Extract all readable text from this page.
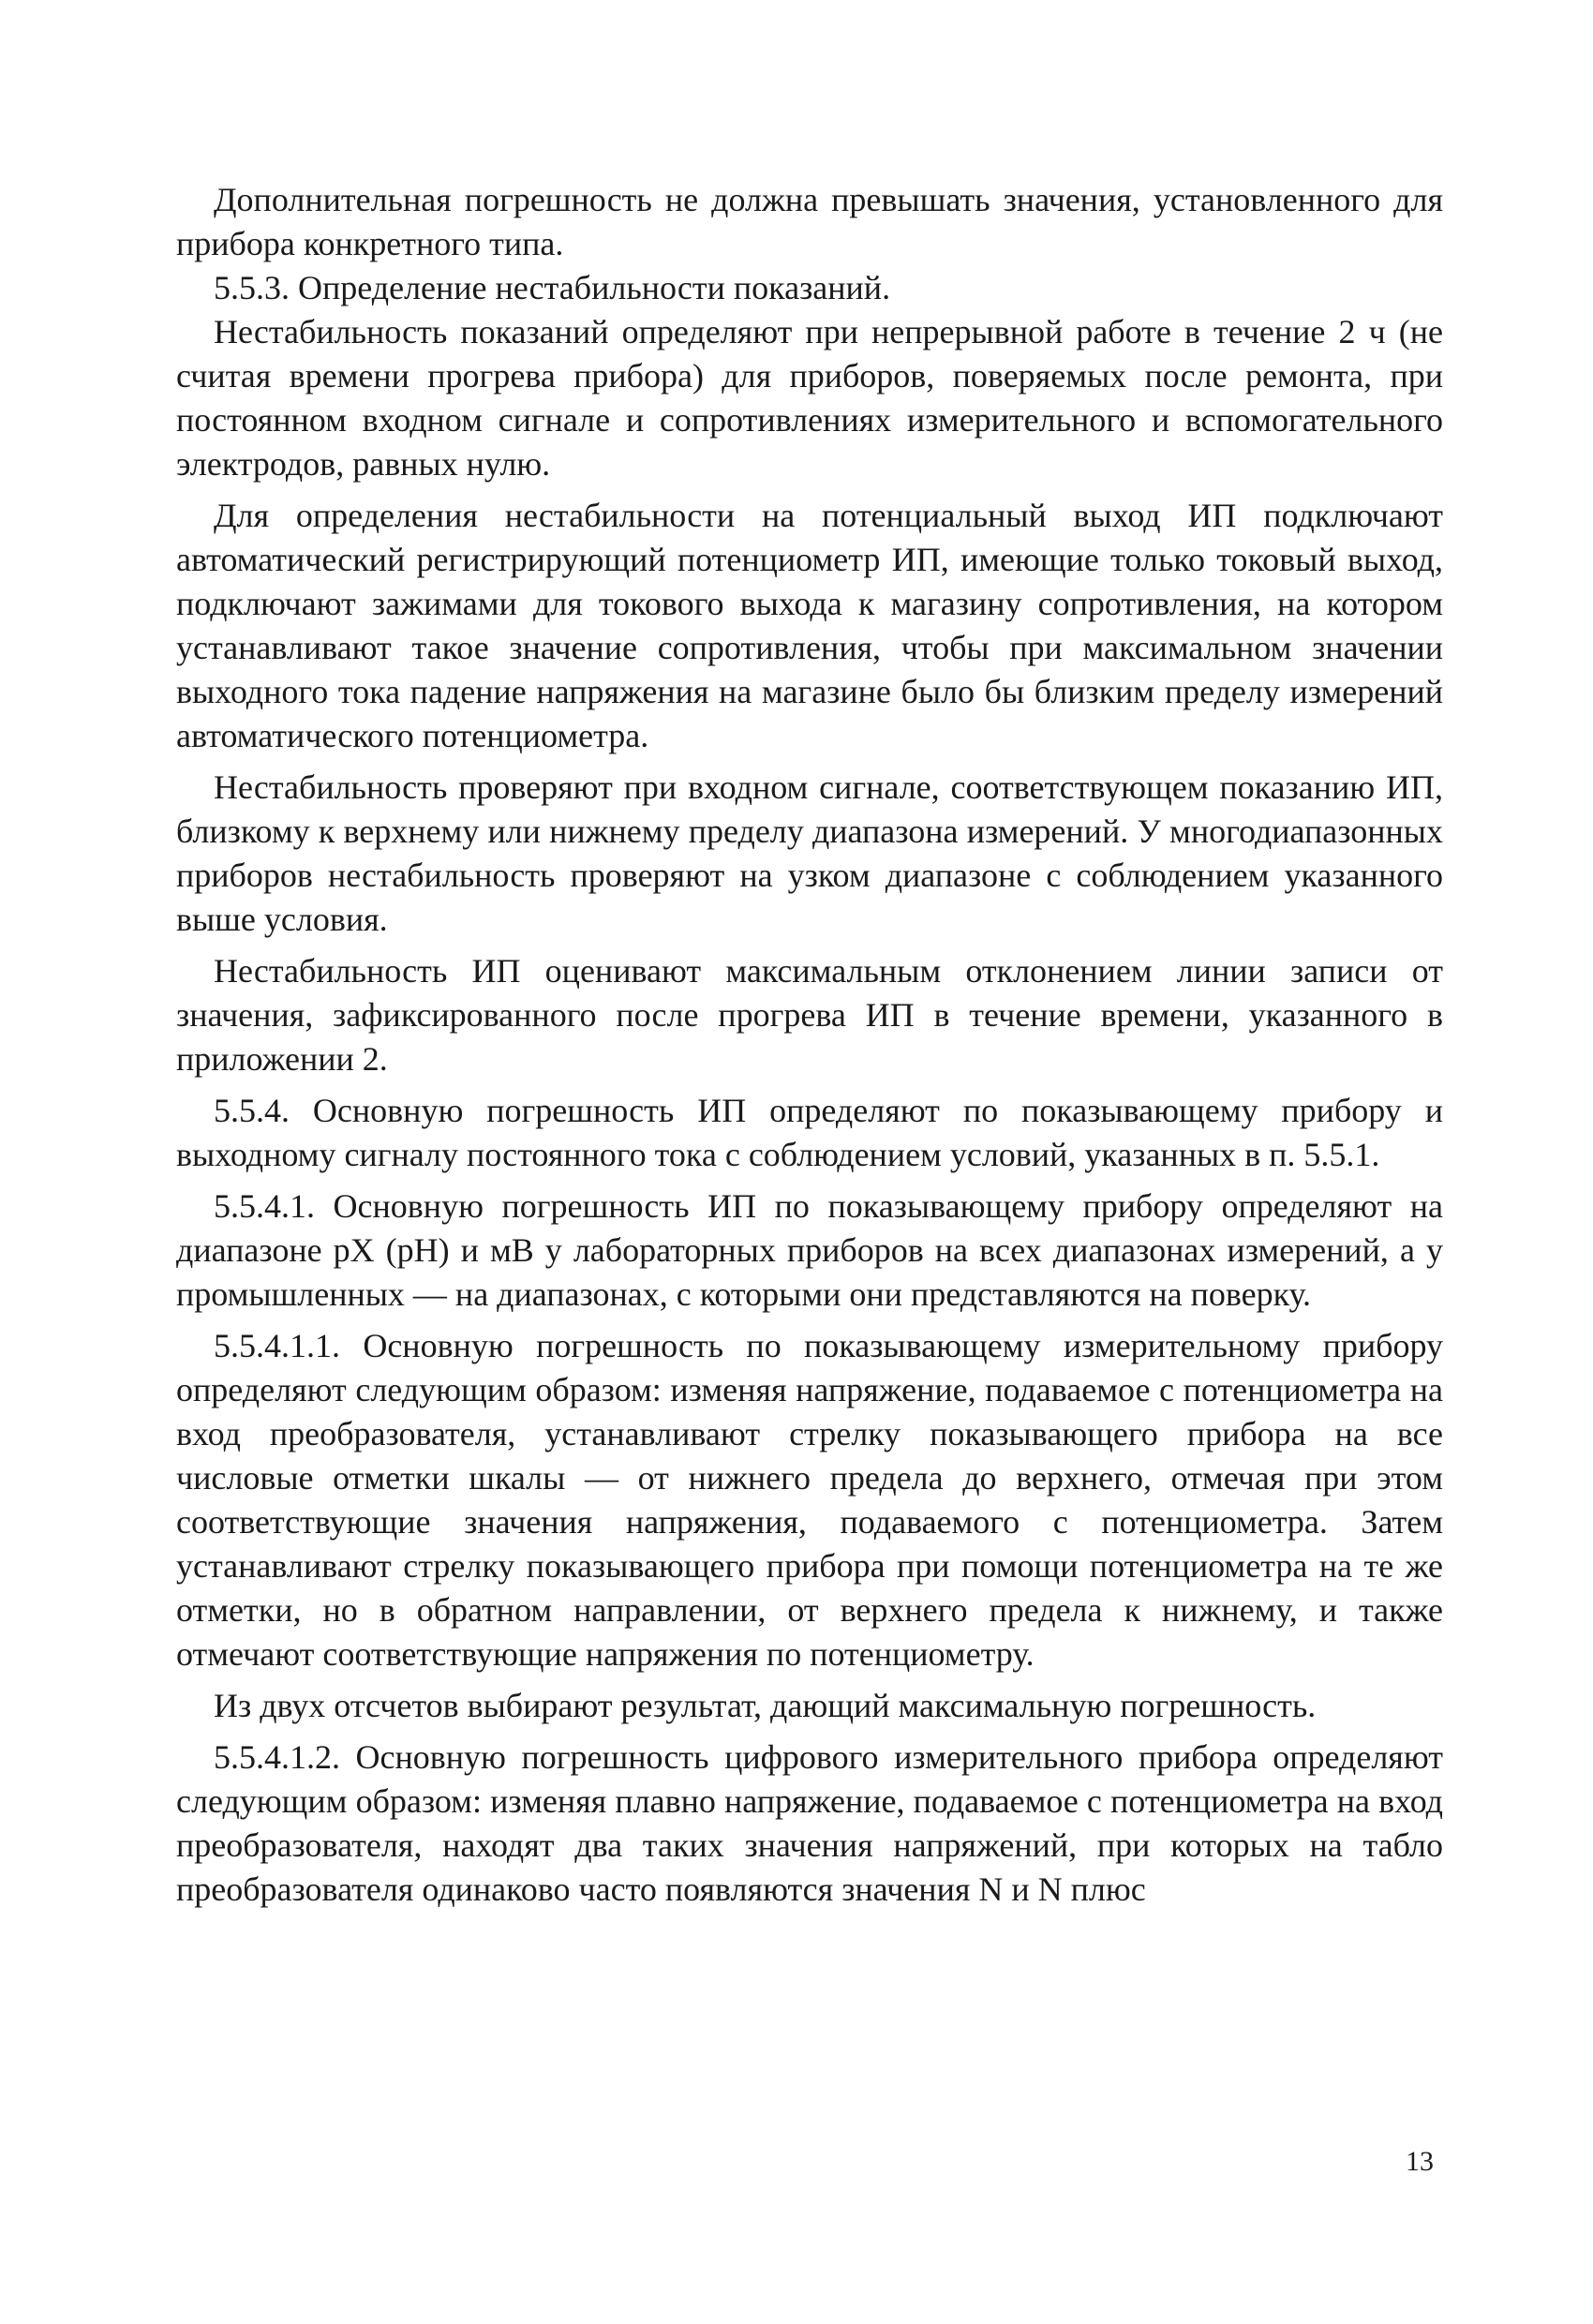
Дополнительная погрешность не должна превышать значения, установленного для прибора конкретного типа.

5.5.3. Определение нестабильности показаний.

Нестабильность показаний определяют при непрерывной работе в течение 2 ч (не считая времени прогрева прибора) для приборов, поверяемых после ремонта, при постоянном входном сигнале и сопротивлениях измерительного и вспомогательного электродов, равных нулю.

Для определения нестабильности на потенциальный выход ИП подключают автоматический регистрирующий потенциометр ИП, имеющие только токовый выход, подключают зажимами для токового выхода к магазину сопротивления, на котором устанавливают такое значение сопротивления, чтобы при максимальном значении выходного тока падение напряжения на магазине было бы близким пределу измерений автоматического потенциометра.

Нестабильность проверяют при входном сигнале, соответствующем показанию ИП, близкому к верхнему или нижнему пределу диапазона измерений. У многодиапазонных приборов нестабильность проверяют на узком диапазоне с соблюдением указанного выше условия.

Нестабильность ИП оценивают максимальным отклонением линии записи от значения, зафиксированного после прогрева ИП в течение времени, указанного в приложении 2.

5.5.4. Основную погрешность ИП определяют по показывающему прибору и выходному сигналу постоянного тока с соблюдением условий, указанных в п. 5.5.1.

5.5.4.1. Основную погрешность ИП по показывающему прибору определяют на диапазоне pX (pH) и мВ у лабораторных приборов на всех диапазонах измерений, а у промышленных — на диапазонах, с которыми они представляются на поверку.

5.5.4.1.1. Основную погрешность по показывающему измерительному прибору определяют следующим образом: изменяя напряжение, подаваемое с потенциометра на вход преобразователя, устанавливают стрелку показывающего прибора на все числовые отметки шкалы — от нижнего предела до верхнего, отмечая при этом соответствующие значения напряжения, подаваемого с потенциометра. Затем устанавливают стрелку показывающего прибора при помощи потенциометра на те же отметки, но в обратном направлении, от верхнего предела к нижнему, и также отмечают соответствующие напряжения по потенциометру.

Из двух отсчетов выбирают результат, дающий максимальную погрешность.

5.5.4.1.2. Основную погрешность цифрового измерительного прибора определяют следующим образом: изменяя плавно напряжение, подаваемое с потенциометра на вход преобразователя, находят два таких значения напряжений, при которых на табло преобразователя одинаково часто появляются значения N и N плюс

13
